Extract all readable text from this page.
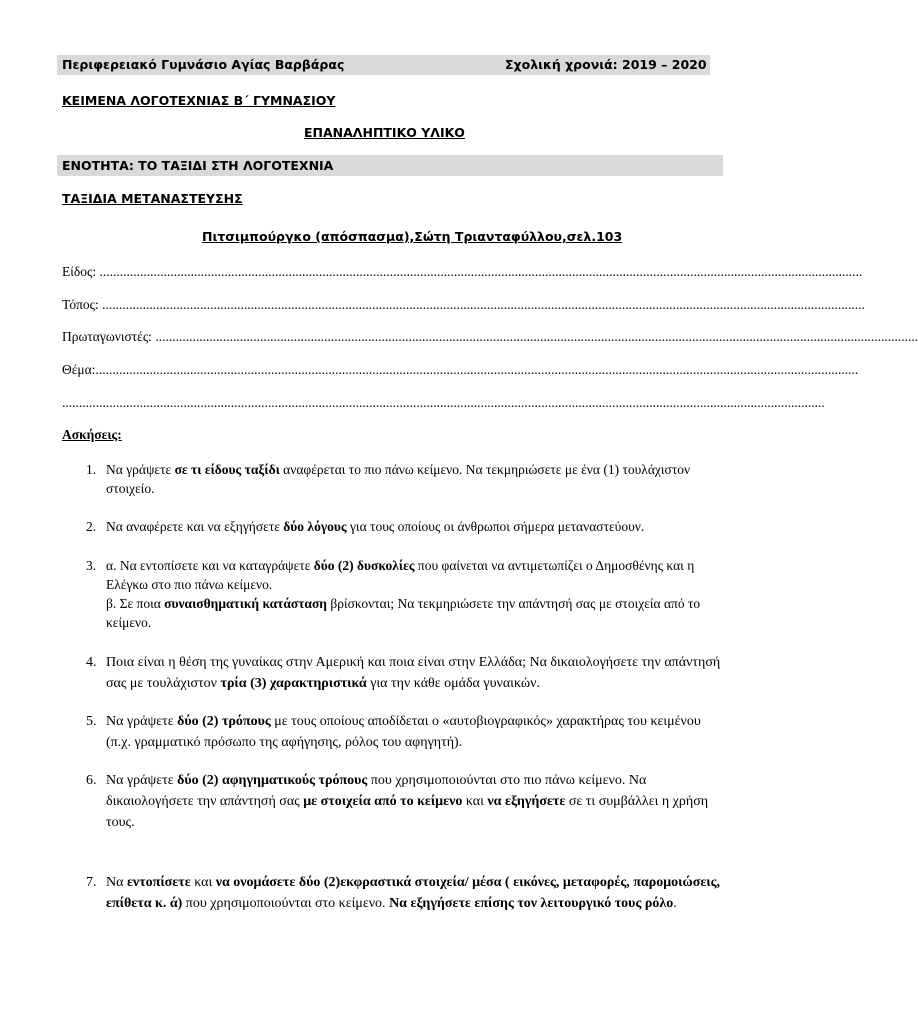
Περιφερειακό Γυμνάσιο Αγίας Βαρβάρας	Σχολική χρονιά: 2019 – 2020
ΚΕΙΜΕΝΑ ΛΟΓΟΤΕΧΝΙΑΣ Β΄ ΓΥΜΝΑΣΙΟΥ
ΕΠΑΝΑΛΗΠΤΙΚΟ ΥΛΙΚΟ
ΕΝΟΤΗΤΑ: ΤΟ ΤΑΞΙΔΙ ΣΤΗ ΛΟΓΟΤΕΧΝΙΑ
ΤΑΞΙΔΙΑ ΜΕΤΑΝΑΣΤΕΥΣΗΣ
Πιτσιμπούργκο (απόσπασμα),Σώτη Τριανταφύλλου,σελ.103
Είδος: ..................................................................................................................................................................................................................................
Τόπος: ..................................................................................................................................................................................................................................
Πρωταγωνιστές: ..................................................................................................................................................................................................................................
Θέμα:..................................................................................................................................................................................................................................
..................................................................................................................................................................................................................................
Ασκήσεις:
1. Να γράψετε σε τι είδους ταξίδι αναφέρεται το πιο πάνω κείμενο. Να τεκμηριώσετε με ένα (1) τουλάχιστον στοιχείο.
2. Να αναφέρετε και να εξηγήσετε δύο λόγους για τους οποίους οι άνθρωποι σήμερα μεταναστεύουν.
3. α. Να εντοπίσετε και να καταγράψετε δύο (2) δυσκολίες που φαίνεται να αντιμετωπίζει ο Δημοσθένης και η Ελέγκω στο πιο πάνω κείμενο.
β. Σε ποια συναισθηματική κατάσταση βρίσκονται; Να τεκμηριώσετε την απάντησή σας με στοιχεία από το κείμενο.
4. Ποια είναι η θέση της γυναίκας στην Αμερική και ποια είναι στην Ελλάδα; Να δικαιολογήσετε την απάντησή σας με τουλάχιστον τρία (3) χαρακτηριστικά για την κάθε ομάδα γυναικών.
5. Να γράψετε δύο (2) τρόπους με τους οποίους αποδίδεται ο «αυτοβιογραφικός» χαρακτήρας του κειμένου (π.χ. γραμματικό πρόσωπο της αφήγησης, ρόλος του αφηγητή).
6. Να γράψετε δύο (2) αφηγηματικούς τρόπους που χρησιμοποιούνται στο πιο πάνω κείμενο. Να δικαιολογήσετε την απάντησή σας με στοιχεία από το κείμενο και να εξηγήσετε σε τι συμβάλλει η χρήση τους.
7. Να εντοπίσετε και να ονομάσετε δύο (2)εκφραστικά στοιχεία/ μέσα ( εικόνες, μεταφορές, παρομοιώσεις, επίθετα κ. ά) που χρησιμοποιούνται στο κείμενο. Να εξηγήσετε επίσης τον λειτουργικό τους ρόλο.
